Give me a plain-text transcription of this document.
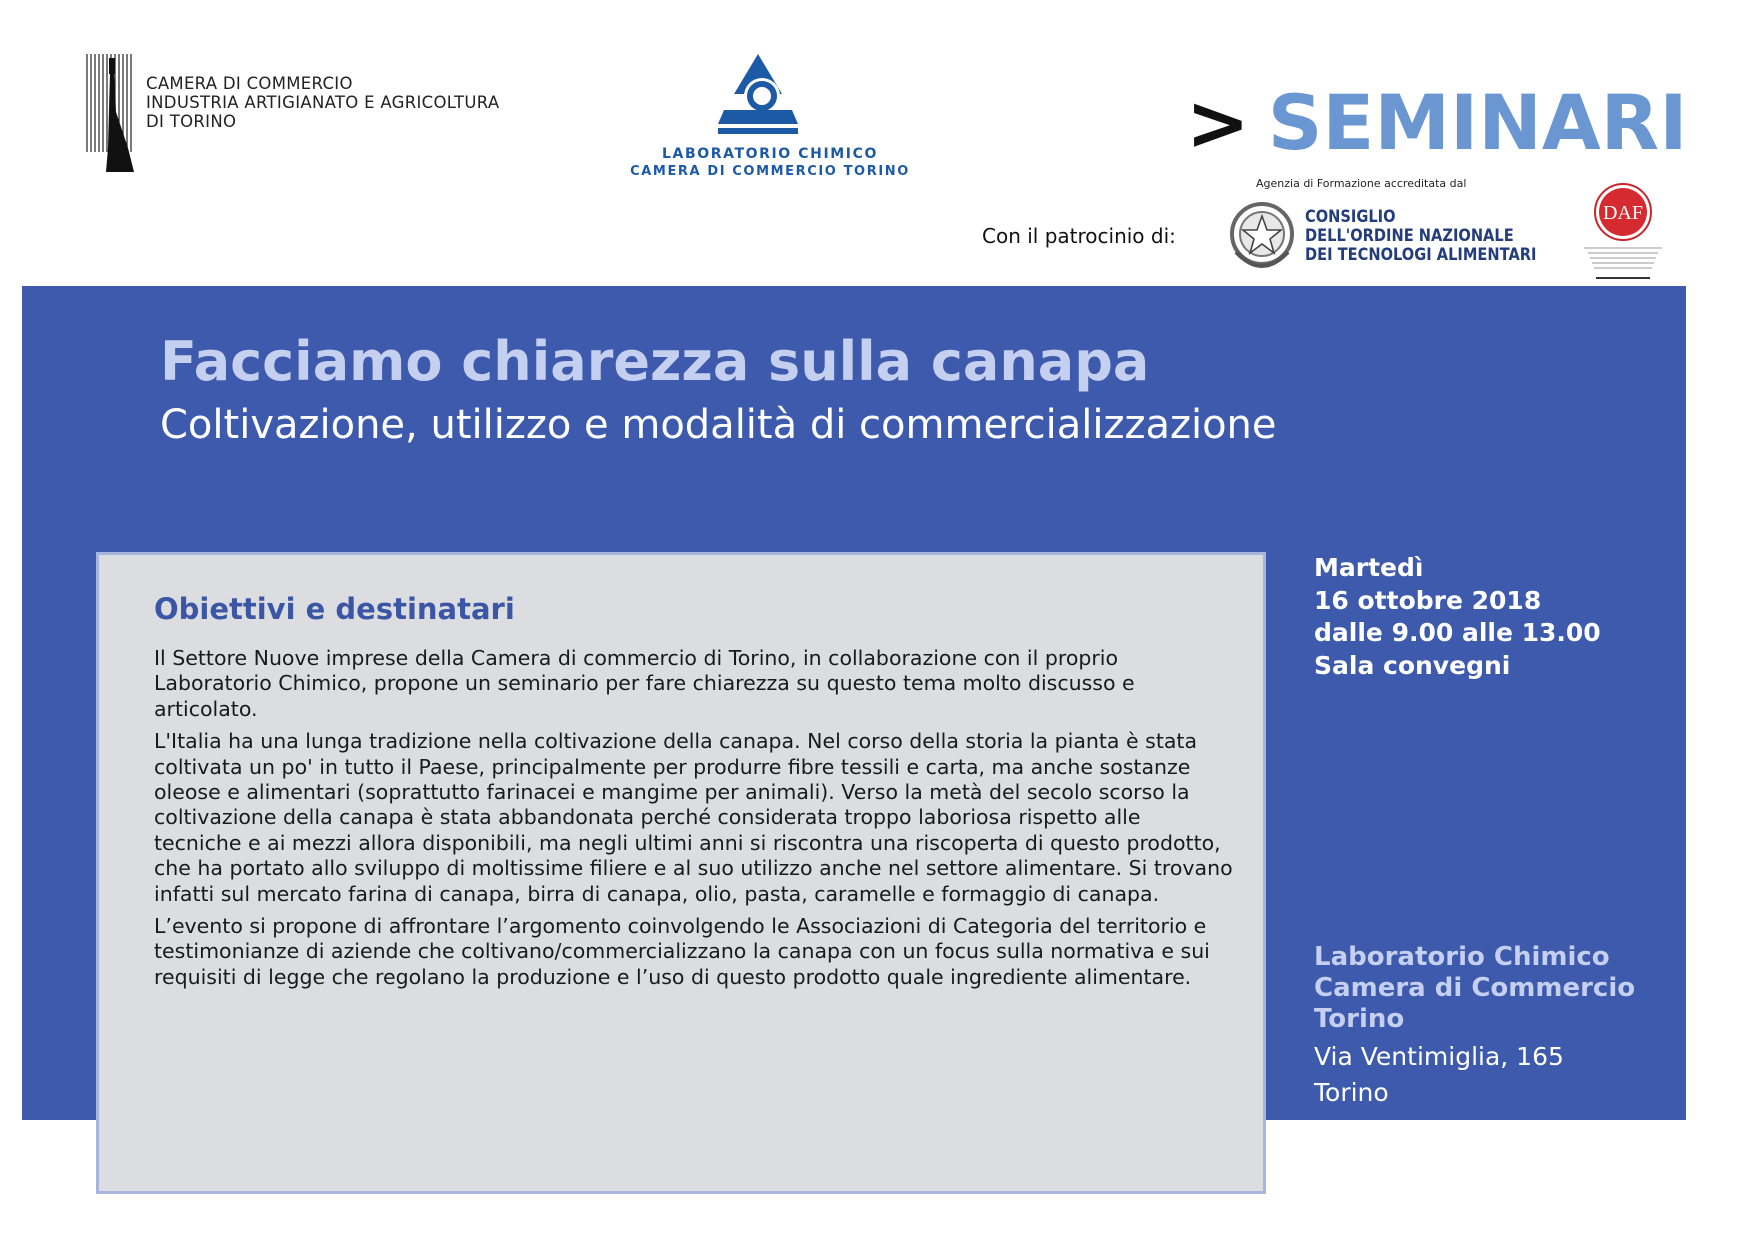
CAMERA DI COMMERCIO
INDUSTRIA ARTIGIANATO E AGRICOLTURA
DI TORINO
LABORATORIO CHIMICO
CAMERA DI COMMERCIO TORINO
> SEMINARI
Con il patrocinio di:
Agenzia di Formazione accreditata dal
CONSIGLIO
DELL'ORDINE NAZIONALE
DEI TECNOLOGI ALIMENTARI
DAF
Facciamo chiarezza sulla canapa
Coltivazione, utilizzo e modalità di commercializzazione
Obiettivi e destinatari

Il Settore Nuove imprese della Camera di commercio di Torino, in collaborazione con il proprio Laboratorio Chimico, propone un seminario per fare chiarezza su questo tema molto discusso e articolato.

L'Italia ha una lunga tradizione nella coltivazione della canapa. Nel corso della storia la pianta è stata coltivata un po' in tutto il Paese, principalmente per produrre fibre tessili e carta, ma anche sostanze oleose e alimentari (soprattutto farinacei e mangime per animali). Verso la metà del secolo scorso la coltivazione della canapa è stata abbandonata perché considerata troppo laboriosa rispetto alle tecniche e ai mezzi allora disponibili, ma negli ultimi anni si riscontra una riscoperta di questo prodotto, che ha portato allo sviluppo di moltissime filiere e al suo utilizzo anche nel settore alimentare. Si trovano infatti sul mercato farina di canapa, birra di canapa, olio, pasta, caramelle e formaggio di canapa.

L’evento si propone di affrontare l’argomento coinvolgendo le Associazioni di Categoria del territorio e testimonianze di aziende che coltivano/commercializzano la canapa con un focus sulla normativa e sui requisiti di legge che regolano la produzione e l’uso di questo prodotto quale ingrediente alimentare.

Martedì
16 ottobre 2018
dalle 9.00 alle 13.00
Sala convegni
Laboratorio Chimico
Camera di Commercio
Torino
Via Ventimiglia, 165
Torino
